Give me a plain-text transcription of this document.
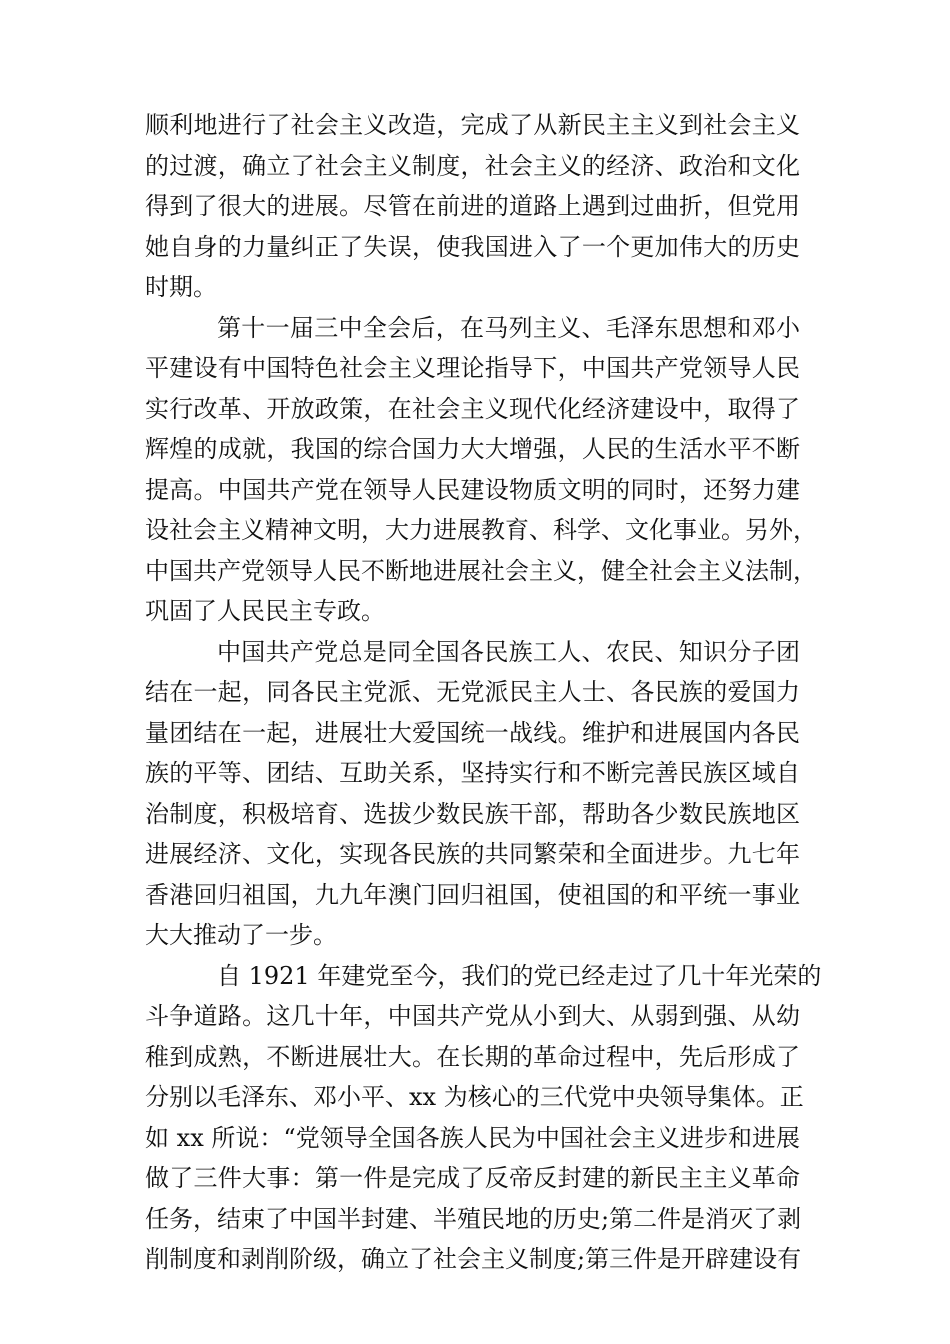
顺利地进行了社会主义改造，完成了从新民主主义到社会主义
的过渡，确立了社会主义制度，社会主义的经济、政治和文化
得到了很大的进展。尽管在前进的道路上遇到过曲折，但党用
她自身的力量纠正了失误，使我国进入了一个更加伟大的历史
时期。
第十一届三中全会后，在马列主义、毛泽东思想和邓小
平建设有中国特色社会主义理论指导下，中国共产党领导人民
实行改革、开放政策，在社会主义现代化经济建设中，取得了
辉煌的成就，我国的综合国力大大增强，人民的生活水平不断
提高。中国共产党在领导人民建设物质文明的同时，还努力建
设社会主义精神文明，大力进展教育、科学、文化事业。另外，
中国共产党领导人民不断地进展社会主义，健全社会主义法制，
巩固了人民民主专政。
中国共产党总是同全国各民族工人、农民、知识分子团
结在一起，同各民主党派、无党派民主人士、各民族的爱国力
量团结在一起，进展壮大爱国统一战线。维护和进展国内各民
族的平等、团结、互助关系，坚持实行和不断完善民族区域自
治制度，积极培育、选拔少数民族干部，帮助各少数民族地区
进展经济、文化，实现各民族的共同繁荣和全面进步。九七年
香港回归祖国，九九年澳门回归祖国，使祖国的和平统一事业
大大推动了一步。
自 1921 年建党至今，我们的党已经走过了几十年光荣的
斗争道路。这几十年，中国共产党从小到大、从弱到强、从幼
稚到成熟，不断进展壮大。在长期的革命过程中，先后形成了
分别以毛泽东、邓小平、xx 为核心的三代党中央领导集体。正
如 xx 所说：“党领导全国各族人民为中国社会主义进步和进展
做了三件大事：第一件是完成了反帝反封建的新民主主义革命
任务，结束了中国半封建、半殖民地的历史;第二件是消灭了剥
削制度和剥削阶级，确立了社会主义制度;第三件是开辟建设有
